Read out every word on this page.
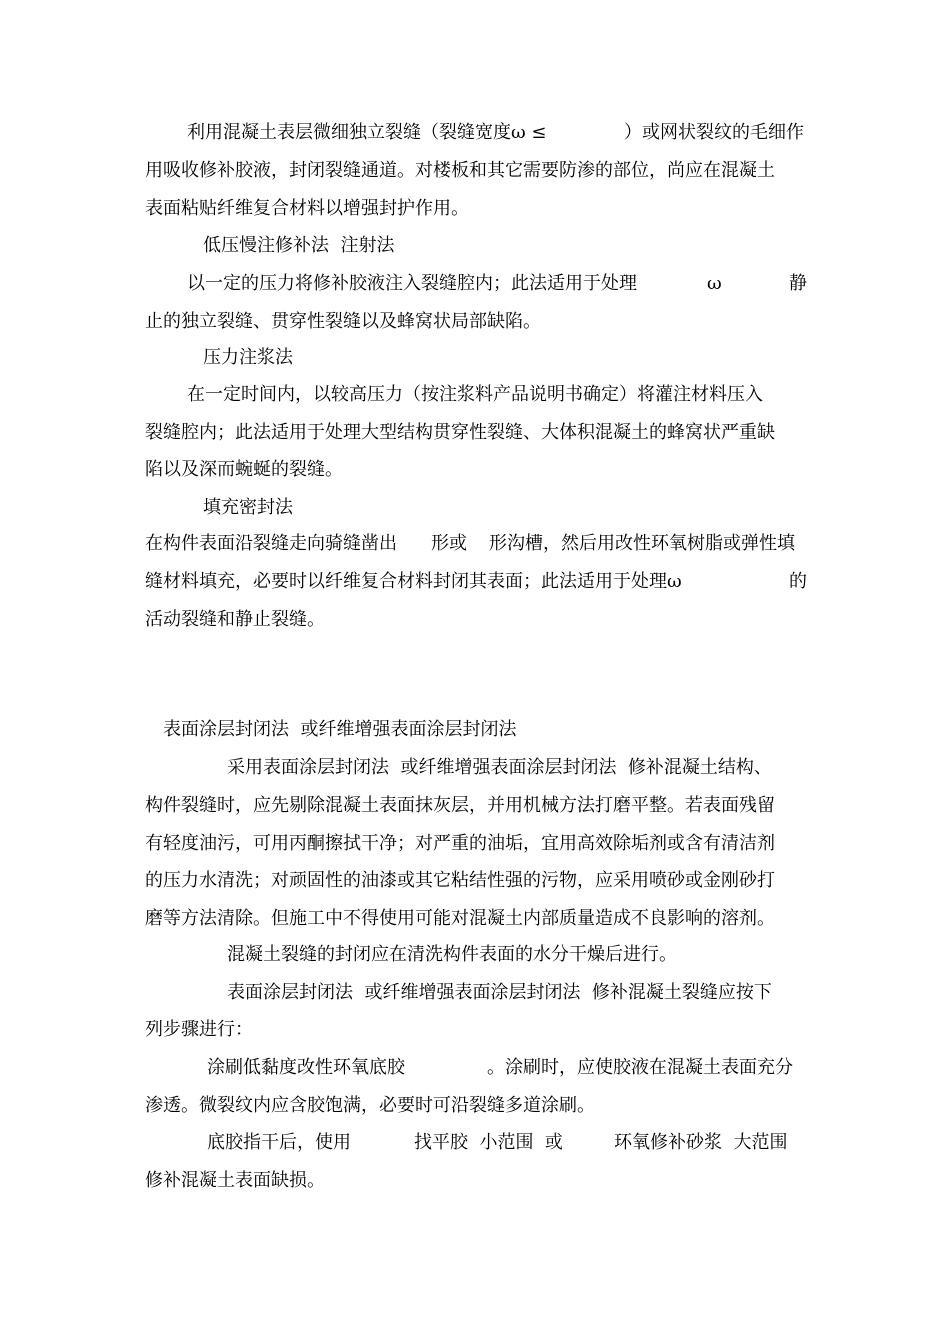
利用混凝土表层微细独立裂缝（裂缝宽度ω ≤	）或网状裂纹的毛细作
用吸收修补胶液，封闭裂缝通道。对楼板和其它需要防渗的部位，尚应在混凝土
表面粘贴纤维复合材料以增强封护作用。
低压慢注修补法  注射法
以一定的压力将修补胶液注入裂缝腔内；此法适用于处理	ω	静
止的独立裂缝、贯穿性裂缝以及蜂窝状局部缺陷。
压力注浆法
在一定时间内，以较高压力（按注浆料产品说明书确定）将灌注材料压入
裂缝腔内；此法适用于处理大型结构贯穿性裂缝、大体积混凝土的蜂窝状严重缺
陷以及深而蜿蜒的裂缝。
填充密封法
在构件表面沿裂缝走向骑缝凿出 形或 形沟槽，然后用改性环氧树脂或弹性填
缝材料填充，必要时以纤维复合材料封闭其表面；此法适用于处理ω	的
活动裂缝和静止裂缝。
表面涂层封闭法  或纤维增强表面涂层封闭法
采用表面涂层封闭法  或纤维增强表面涂层封闭法  修补混凝土结构、
构件裂缝时，应先剔除混凝土表面抹灰层，并用机械方法打磨平整。若表面残留
有轻度油污，可用丙酮擦拭干净；对严重的油垢，宜用高效除垢剂或含有清洁剂
的压力水清洗；对顽固性的油漆或其它粘结性强的污物，应采用喷砂或金刚砂打
磨等方法清除。但施工中不得使用可能对混凝土内部质量造成不良影响的溶剂。
混凝土裂缝的封闭应在清洗构件表面的水分干燥后进行。
表面涂层封闭法  或纤维增强表面涂层封闭法  修补混凝土裂缝应按下
列步骤进行：
涂刷低黏度改性环氧底胶	。涂刷时，应使胶液在混凝土表面充分
渗透。微裂纹内应含胶饱满，必要时可沿裂缝多道涂刷。
底胶指干后，使用	找平胶  小范围  或	环氧修补砂浆  大范围
修补混凝土表面缺损。
